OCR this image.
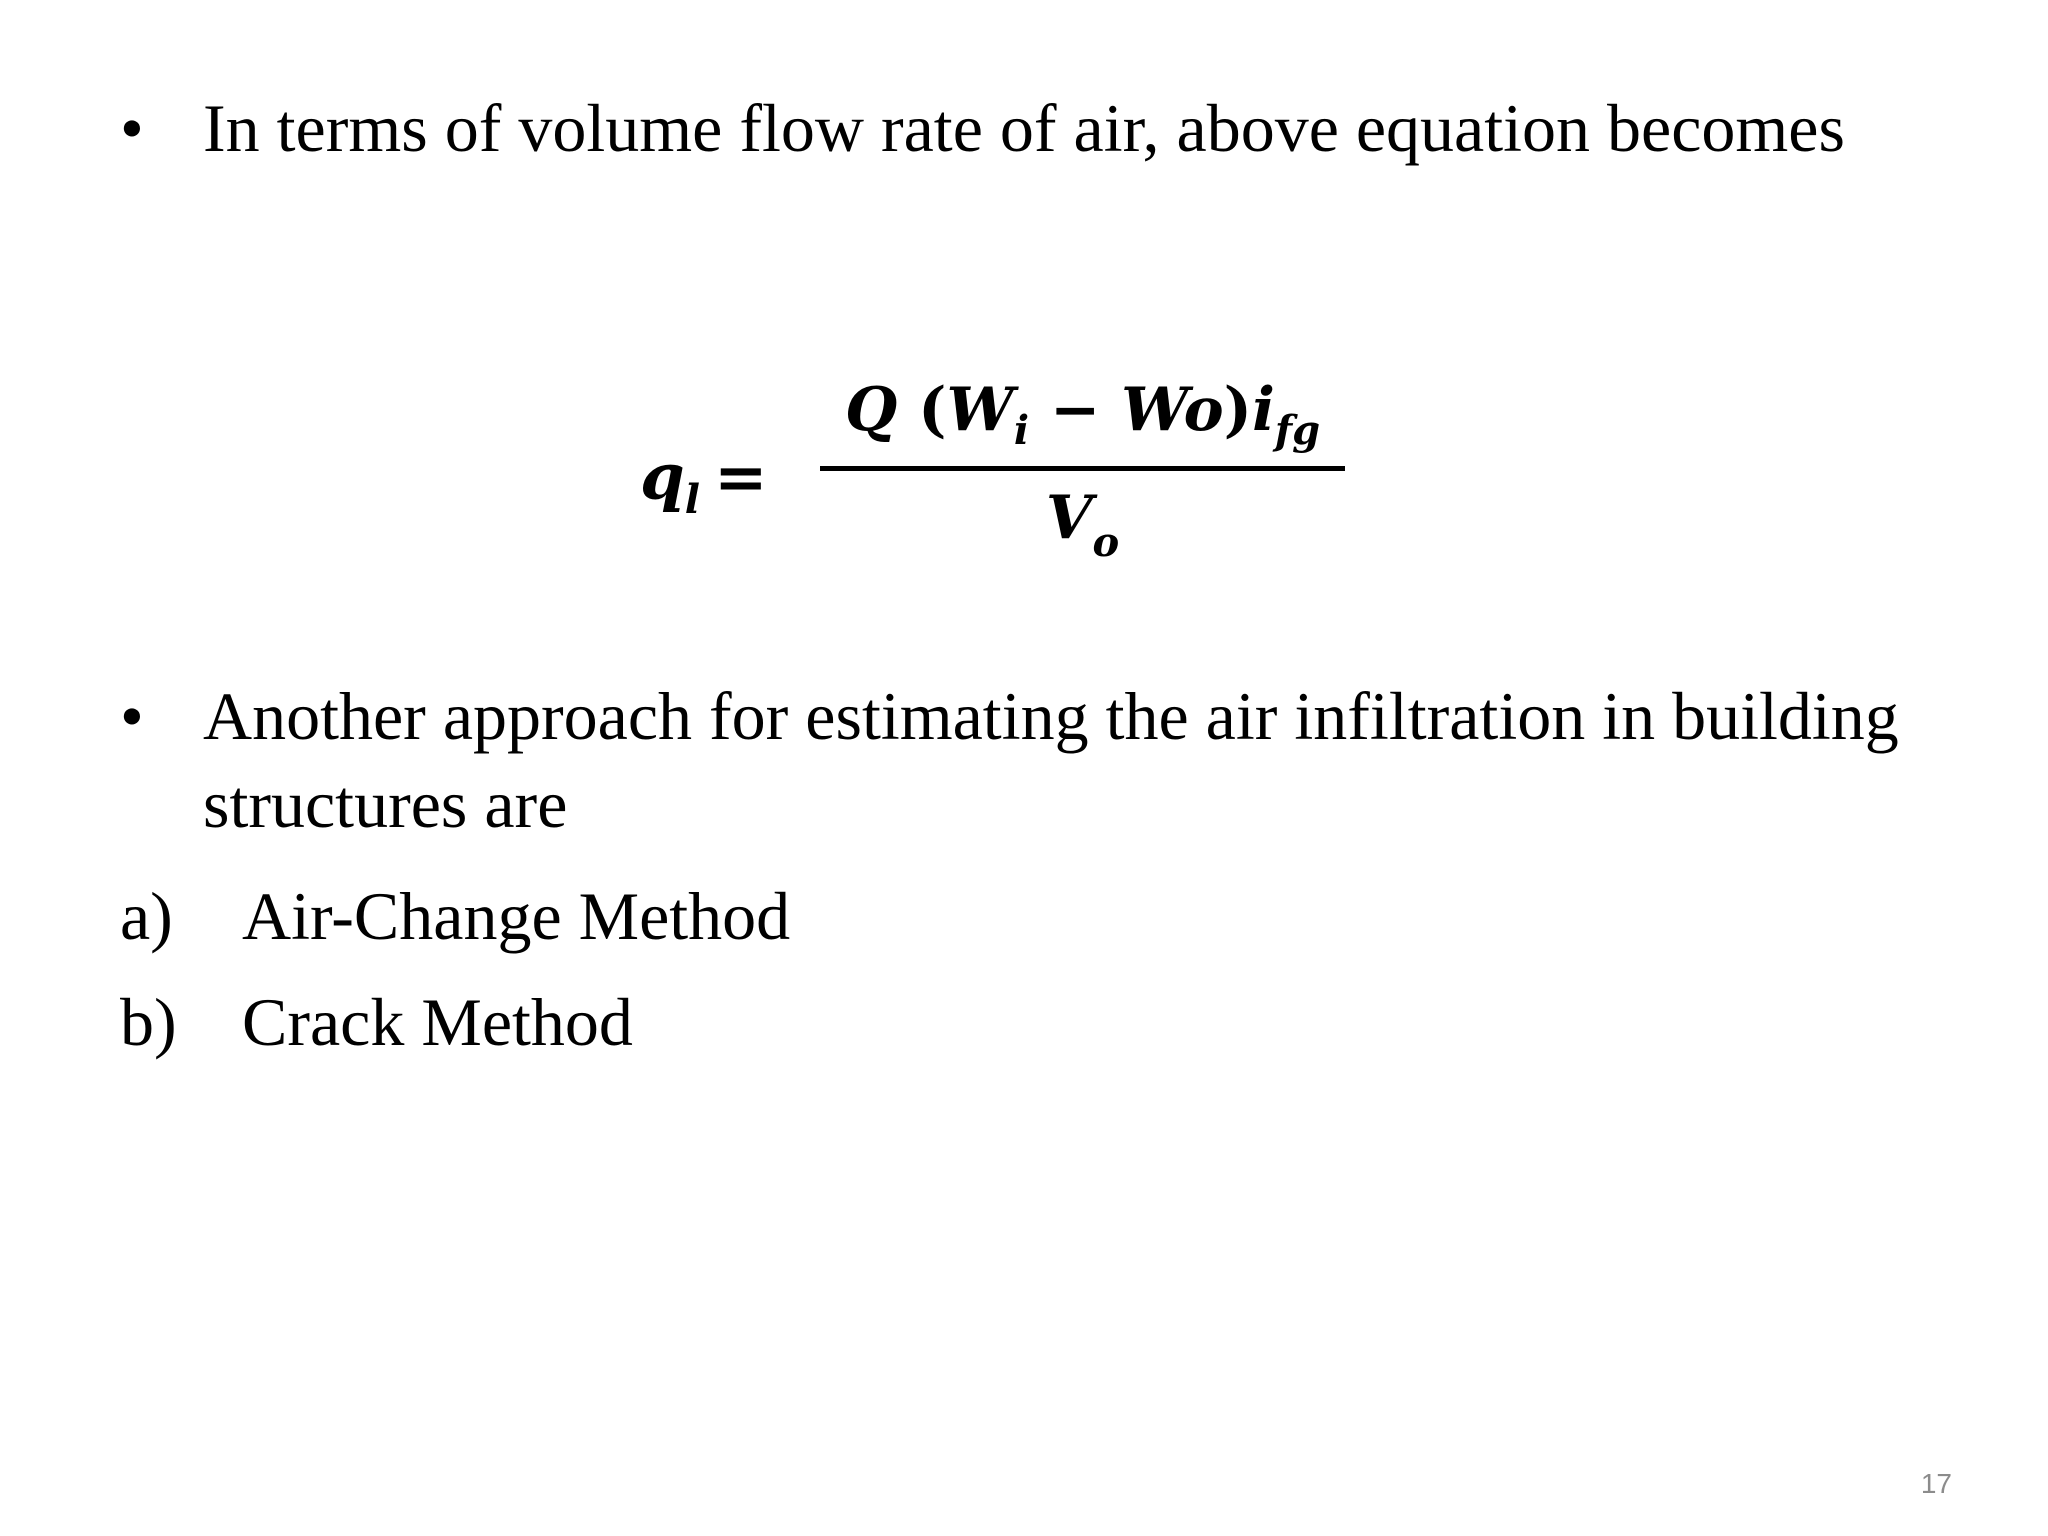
• In terms of volume flow rate of air, above equation becomes
$q_l$ =
Q $(W_i - Wo)i_{fg}$
$V_o$
• Another approach for estimating the air infiltration in building structures are
a)	Air-Change Method
b) Crack Method
17
